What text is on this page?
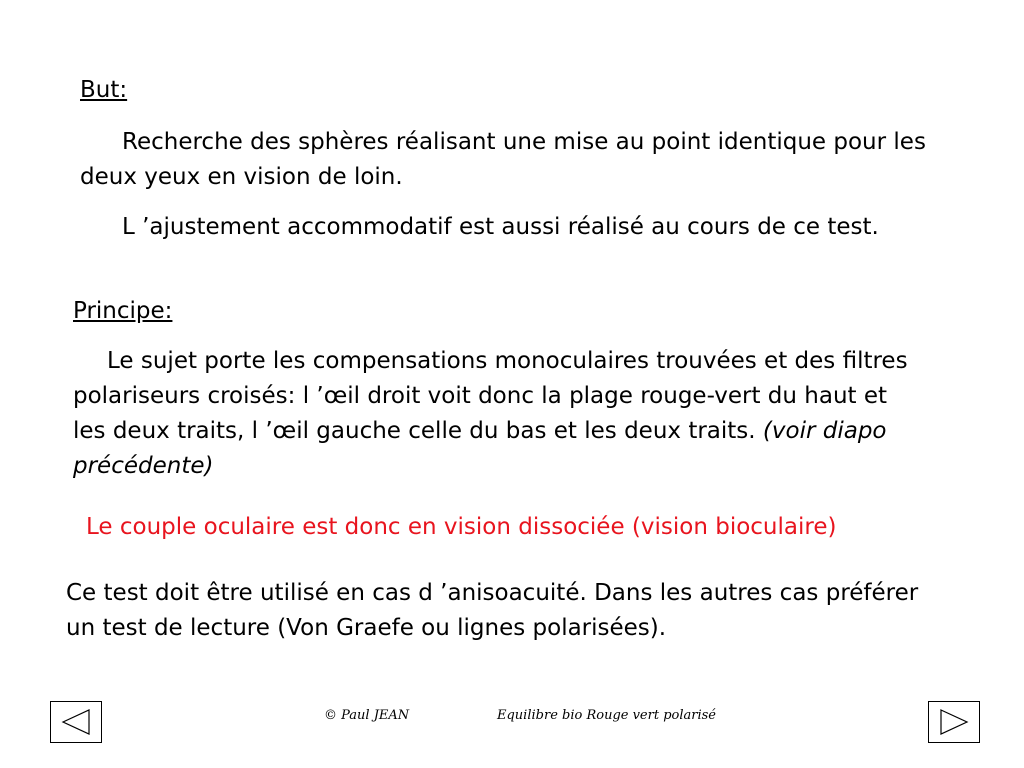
But:

Recherche des sphères réalisant une mise au point identique pour les deux yeux en vision de loin.

L ’ajustement accommodatif est aussi réalisé au cours de ce test.

Principe:

Le sujet porte les compensations monoculaires trouvées et des filtres polariseurs croisés: l ’œil droit voit donc la plage rouge-vert du haut et les deux traits, l ’œil gauche celle du bas et les deux traits. (voir diapo précédente)

Le couple oculaire est donc en vision dissociée (vision bioculaire)

Ce test doit être utilisé en cas d ’anisoacuité. Dans les autres cas préférer un test de lecture (Von Graefe ou lignes polarisées).

© Paul JEAN	Equilibre bio Rouge vert polarisé
